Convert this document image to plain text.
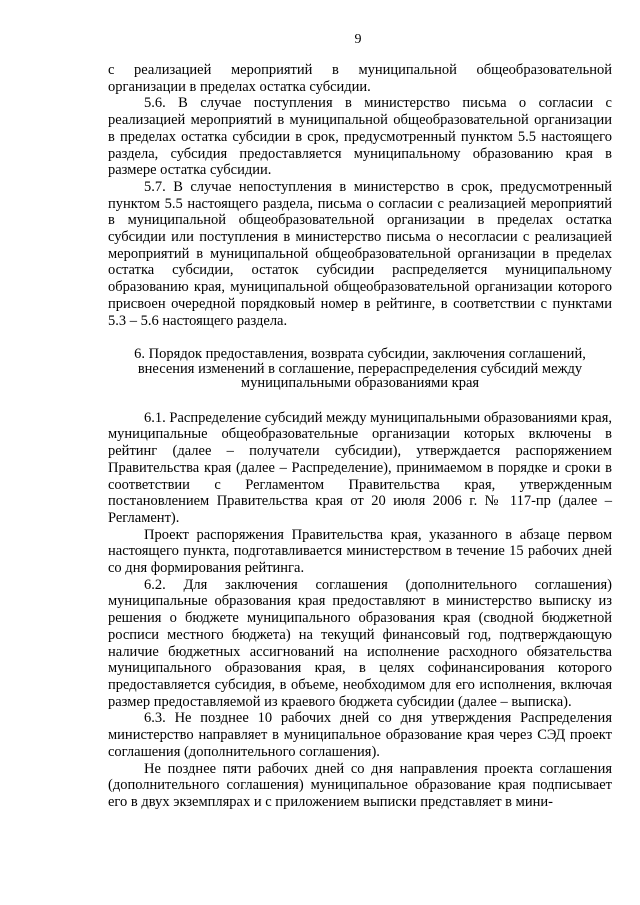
9

с реализацией мероприятий в муниципальной общеобразовательной организации в пределах остатка субсидии.

5.6. В случае поступления в министерство письма о согласии с реализацией мероприятий в муниципальной общеобразовательной организации в пределах остатка субсидии в срок, предусмотренный пунктом 5.5 настоящего раздела, субсидия предоставляется муниципальному образованию края в размере остатка субсидии.

5.7. В случае непоступления в министерство в срок, предусмотренный пунктом 5.5 настоящего раздела, письма о согласии с реализацией мероприятий в муниципальной общеобразовательной организации в пределах остатка субсидии или поступления в министерство письма о несогласии с реализацией мероприятий в муниципальной общеобразовательной организации в пределах остатка субсидии, остаток субсидии распределяется муниципальному образованию края, муниципальной общеобразовательной организации которого присвоен очередной порядковый номер в рейтинге, в соответствии с пунктами 5.3 – 5.6 настоящего раздела.

6. Порядок предоставления, возврата субсидии, заключения соглашений,
внесения изменений в соглашение, перераспределения субсидий между
муниципальными образованиями края

6.1. Распределение субсидий между муниципальными образованиями края, муниципальные общеобразовательные организации которых включены в рейтинг (далее – получатели субсидии), утверждается распоряжением Правительства края (далее – Распределение), принимаемом в порядке и сроки в соответствии с Регламентом Правительства края, утвержденным постановлением Правительства края от 20 июля 2006 г. № 117-пр (далее – Регламент).

Проект распоряжения Правительства края, указанного в абзаце первом настоящего пункта, подготавливается министерством в течение 15 рабочих дней со дня формирования рейтинга.

6.2. Для заключения соглашения (дополнительного соглашения) муниципальные образования края предоставляют в министерство выписку из решения о бюджете муниципального образования края (сводной бюджетной росписи местного бюджета) на текущий финансовый год, подтверждающую наличие бюджетных ассигнований на исполнение расходного обязательства муниципального образования края, в целях софинансирования которого предоставляется субсидия, в объеме, необходимом для его исполнения, включая размер предоставляемой из краевого бюджета субсидии (далее – выписка).

6.3. Не позднее 10 рабочих дней со дня утверждения Распределения министерство направляет в муниципальное образование края через СЭД проект соглашения (дополнительного соглашения).

Не позднее пяти рабочих дней со дня направления проекта соглашения (дополнительного соглашения) муниципальное образование края подписывает его в двух экземплярах и с приложением выписки представляет в мини-
